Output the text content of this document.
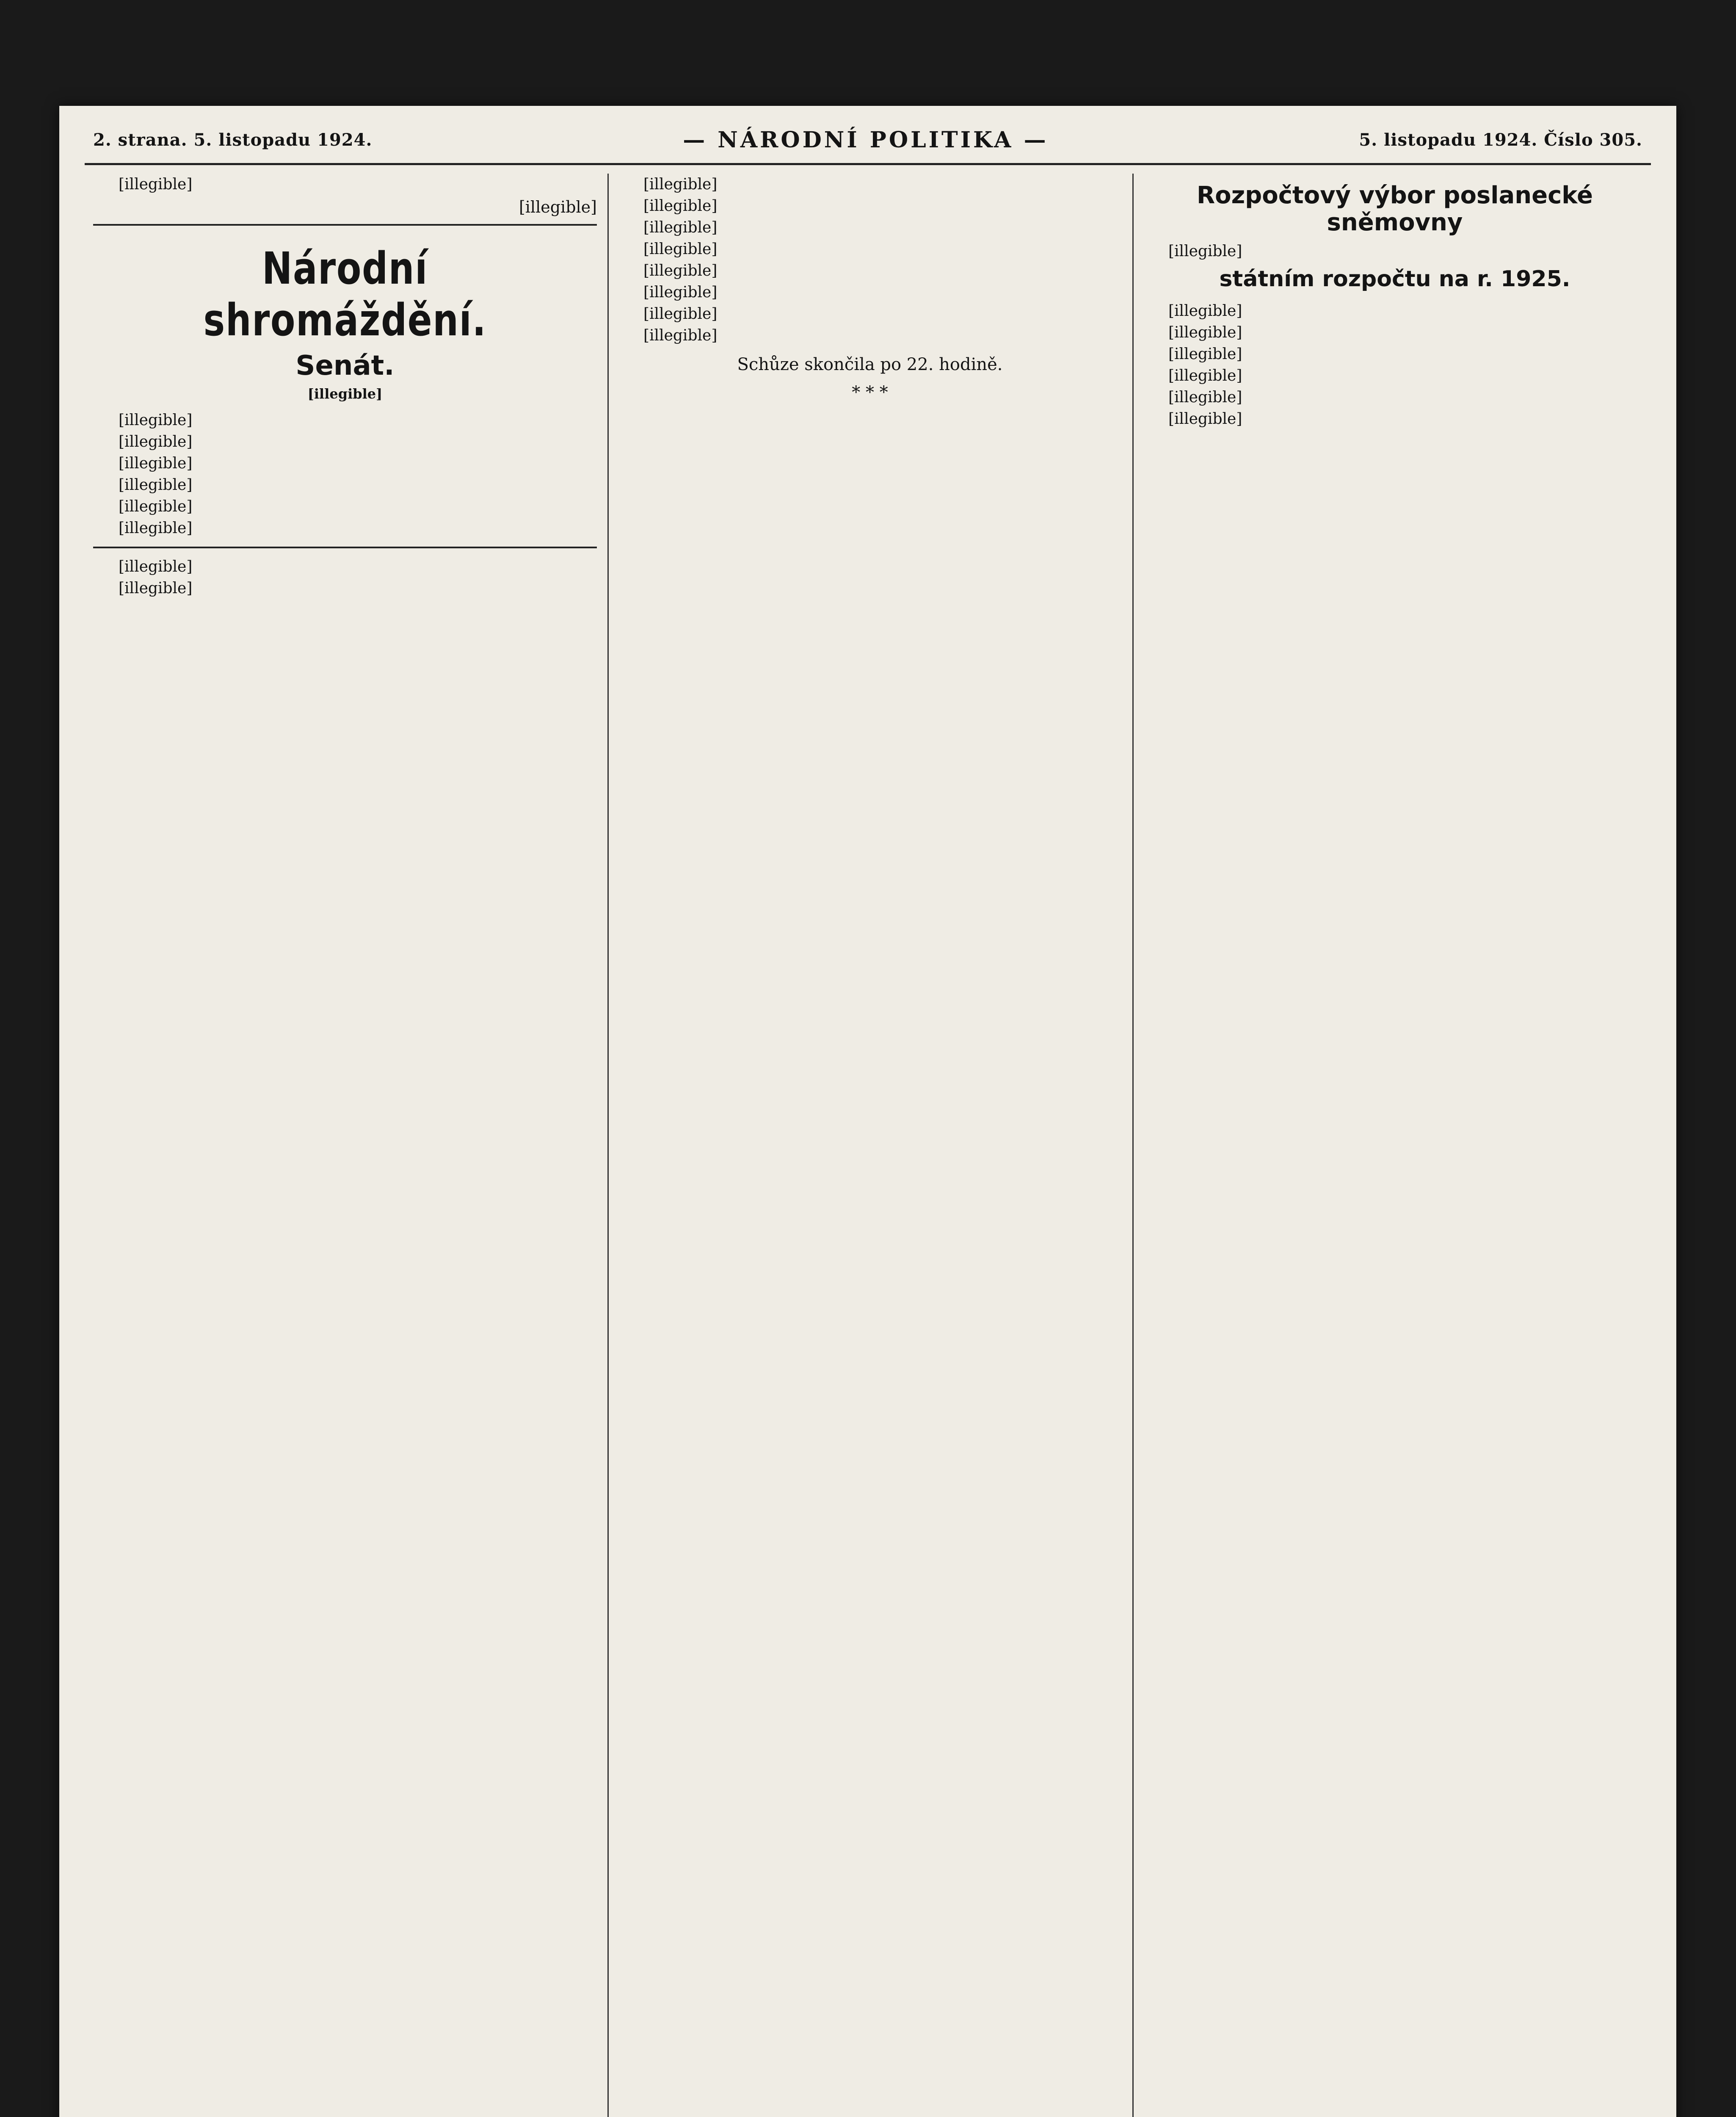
2. strana. 5. listopadu 1924.	— NÁRODNÍ POLITIKA —	5. listopadu 1924. Číslo 305.

[illegible]

[illegible]
Národní shromáždění.
Senát.
[illegible]

[illegible]

[illegible]

[illegible]

[illegible]

[illegible]

[illegible]

[illegible]

[illegible]

[illegible]

[illegible]

[illegible]

[illegible]

[illegible]

[illegible]

[illegible]

[illegible]

Schůze skončila po 22. hodině.
* * *
Rozpočtový výbor poslanecké sněmovny

[illegible]

státním rozpočtu na r. 1925.

[illegible]

[illegible]

[illegible]

[illegible]

[illegible]

[illegible]
